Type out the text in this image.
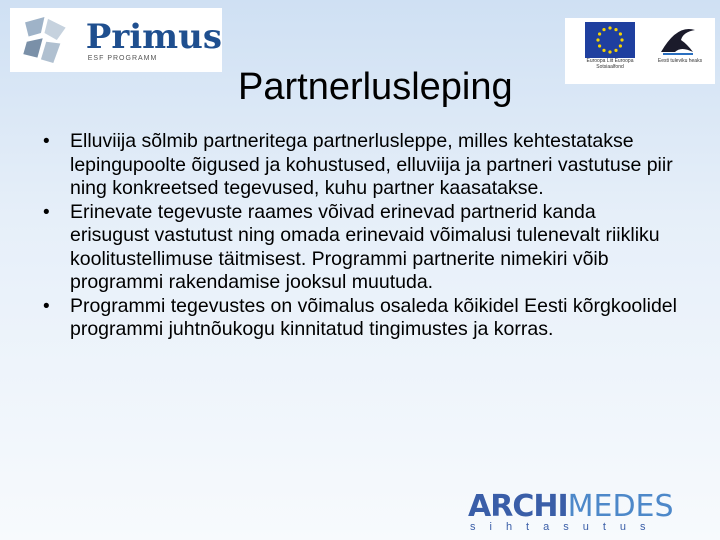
Primus
ESF PROGRAMM	Euroopa Liit Euroopa Sotsiaalfond
Eesti tuleviku heaks
Partnerlusleping
• Elluviija sõlmib partneritega partnerlusleppe, milles kehtestatakse lepingupoolte õigused ja kohustused, elluviija ja partneri vastutuse piir ning konkreetsed tegevused, kuhu partner kaasatakse.
• Erinevate tegevuste raames võivad erinevad partnerid kanda erisugust vastutust ning omada erinevaid võimalusi tulenevalt riikliku koolitustellimuse täitmisest. Programmi partnerite nimekiri võib programmi rakendamise jooksul muutuda.
• Programmi tegevustes on võimalus osaleda kõikidel Eesti kõrgkoolidel programmi juhtnõukogu kinnitatud tingimustes ja korras.
ARCHIMEDES
sihtasutus
